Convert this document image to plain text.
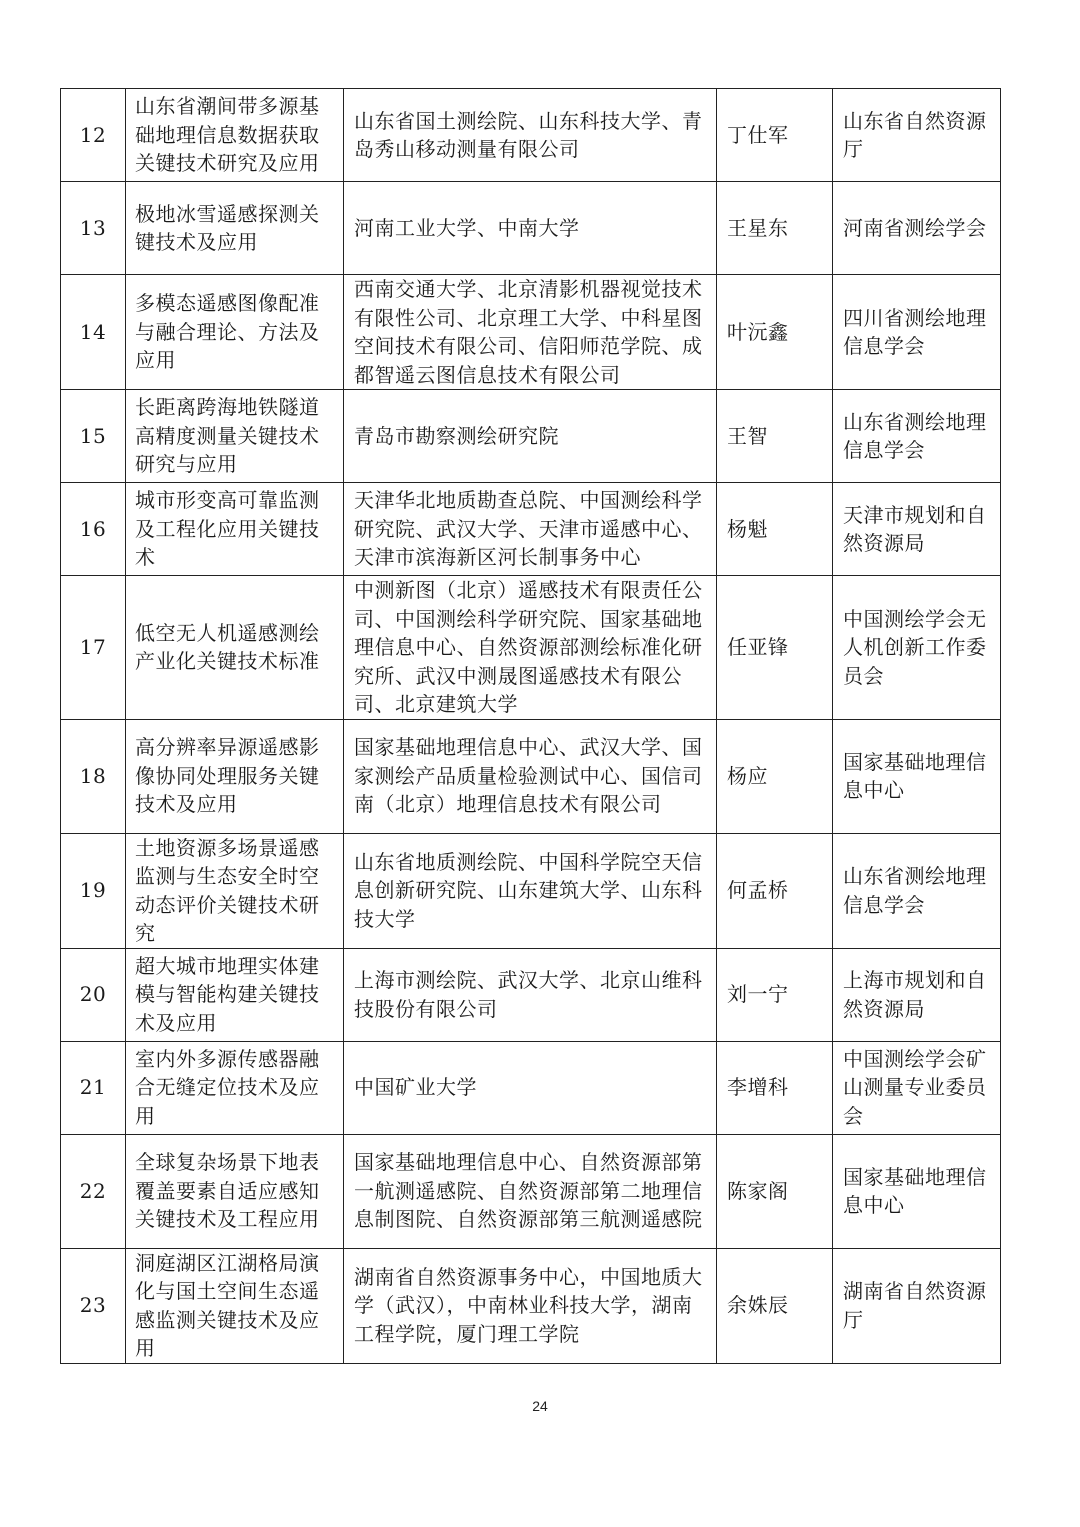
12	山东省潮间带多源基础地理信息数据获取关键技术研究及应用	山东省国土测绘院、山东科技大学、青岛秀山移动测量有限公司	丁仕军	山东省自然资源厅
13	极地冰雪遥感探测关键技术及应用	河南工业大学、中南大学	王星东	河南省测绘学会
14	多模态遥感图像配准与融合理论、方法及应用	西南交通大学、北京清影机器视觉技术有限性公司、北京理工大学、中科星图空间技术有限公司、信阳师范学院、成都智遥云图信息技术有限公司	叶沅鑫	四川省测绘地理信息学会
15	长距离跨海地铁隧道高精度测量关键技术研究与应用	青岛市勘察测绘研究院	王智	山东省测绘地理信息学会
16	城市形变高可靠监测及工程化应用关键技术	天津华北地质勘查总院、中国测绘科学研究院、武汉大学、天津市遥感中心、天津市滨海新区河长制事务中心	杨魁	天津市规划和自然资源局
17	低空无人机遥感测绘产业化关键技术标准	中测新图（北京）遥感技术有限责任公司、中国测绘科学研究院、国家基础地理信息中心、自然资源部测绘标准化研究所、武汉中测晟图遥感技术有限公司、北京建筑大学	任亚锋	中国测绘学会无人机创新工作委员会
18	高分辨率异源遥感影像协同处理服务关键技术及应用	国家基础地理信息中心、武汉大学、国家测绘产品质量检验测试中心、国信司南（北京）地理信息技术有限公司	杨应	国家基础地理信息中心
19	土地资源多场景遥感监测与生态安全时空动态评价关键技术研究	山东省地质测绘院、中国科学院空天信息创新研究院、山东建筑大学、山东科技大学	何孟桥	山东省测绘地理信息学会
20	超大城市地理实体建模与智能构建关键技术及应用	上海市测绘院、武汉大学、北京山维科技股份有限公司	刘一宁	上海市规划和自然资源局
21	室内外多源传感器融合无缝定位技术及应用	中国矿业大学	李增科	中国测绘学会矿山测量专业委员会
22	全球复杂场景下地表覆盖要素自适应感知关键技术及工程应用	国家基础地理信息中心、自然资源部第一航测遥感院、自然资源部第二地理信息制图院、自然资源部第三航测遥感院	陈家阁	国家基础地理信息中心
23	洞庭湖区江湖格局演化与国土空间生态遥感监测关键技术及应用	湖南省自然资源事务中心，中国地质大学（武汉），中南林业科技大学，湖南工程学院，厦门理工学院	余姝辰	湖南省自然资源厅
24
